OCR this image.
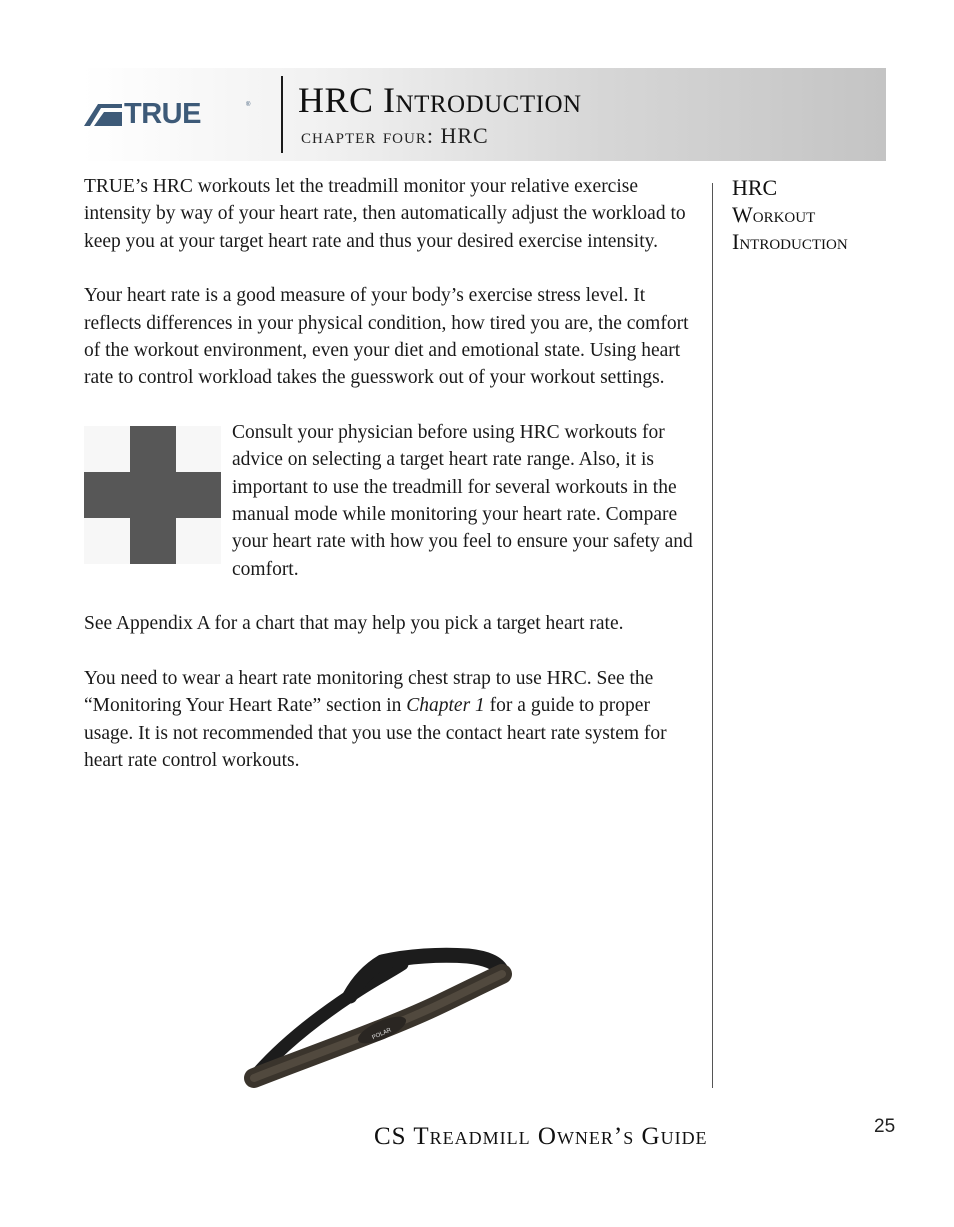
TRUE	® HRC Introduction
chapter four: HRC

TRUE’s HRC workouts let the treadmill monitor your relative exercise intensity by way of your heart rate, then automatically adjust the workload to keep you at your target heart rate and thus your desired exercise intensity.

Your heart rate is a good measure of your body’s exercise stress level. It reflects differences in your physical condition, how tired you are, the comfort of the workout environment, even your diet and emotional state. Using heart rate to control workload takes the guesswork out of your workout settings.

Consult your physician before using HRC workouts for advice on selecting a target heart rate range. Also, it is important to use the treadmill for several workouts in the manual mode while monitoring your heart rate. Compare your heart rate with how you feel to ensure your safety and comfort.

See Appendix A for a chart that may help you pick a target heart rate.

You need to wear a heart rate monitoring chest strap to use HRC. See the “Monitoring Your Heart Rate” section in Chapter 1 for a guide to proper usage. It is not recommended that you use the contact heart rate system for heart rate control workouts.

POLAR
HRC
Workout
Introduction
CS Treadmill Owner’s Guide	25
